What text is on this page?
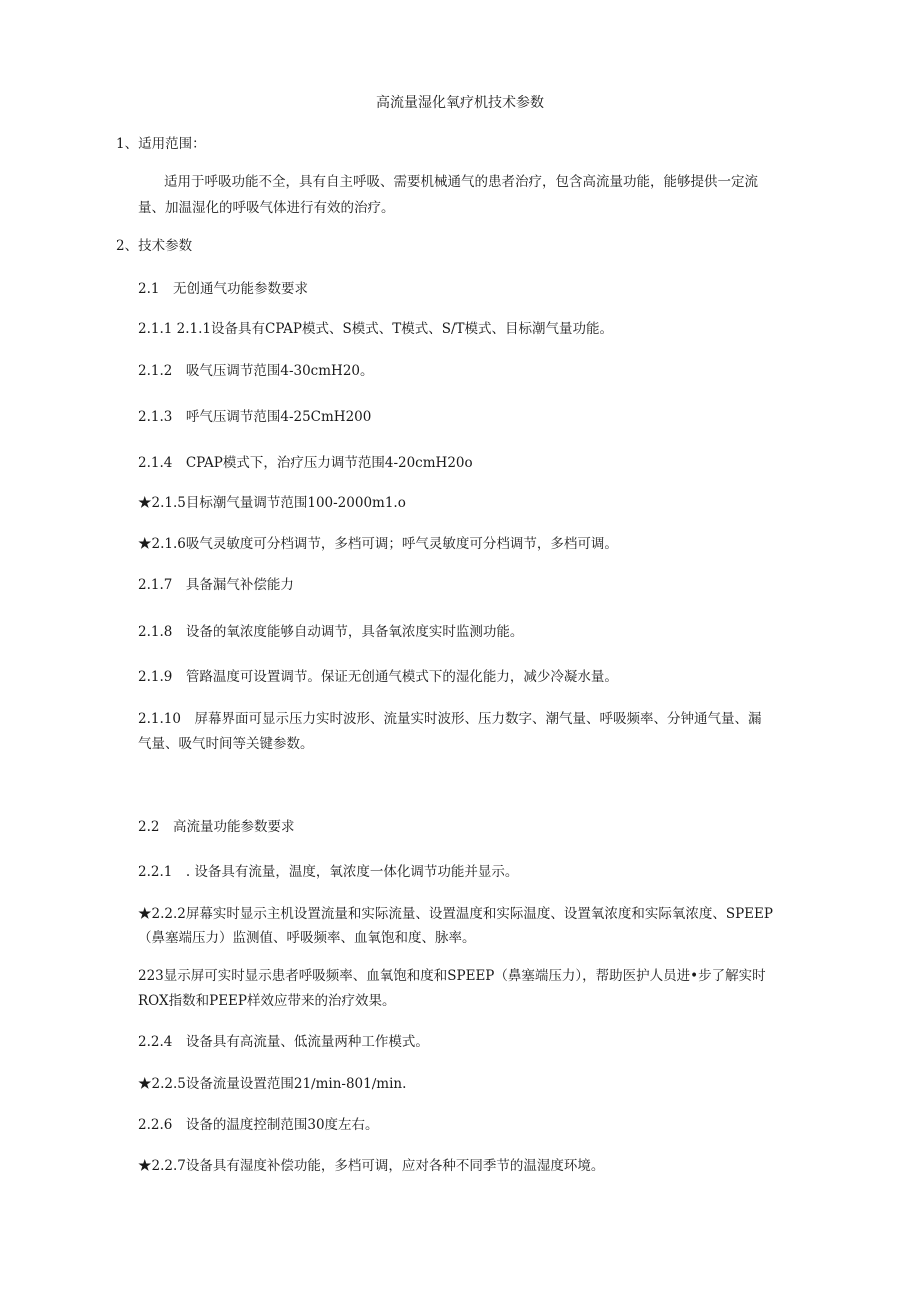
高流量湿化氧疗机技术参数
1、适用范围：
适用于呼吸功能不全，具有自主呼吸、需要机械通气的患者治疗，包含高流量功能，能够提供一定流
量、加温湿化的呼吸气体进行有效的治疗。
2、技术参数
2.1　无创通气功能参数要求
2.1.1 2.1.1设备具有CPAP模式、S模式、T模式、S/T模式、目标潮气量功能。
2.1.2　吸气压调节范围4-30cmH20。
2.1.3　呼气压调节范围4-25CmH200
2.1.4　CPAP模式下，治疗压力调节范围4-20cmH20o
★2.1.5目标潮气量调节范围100-2000m1.o
★2.1.6吸气灵敏度可分档调节，多档可调；呼气灵敏度可分档调节，多档可调。
2.1.7　具备漏气补偿能力
2.1.8　设备的氧浓度能够自动调节，具备氧浓度实时监测功能。
2.1.9　管路温度可设置调节。保证无创通气模式下的湿化能力，减少冷凝水量。
2.1.10　屏幕界面可显示压力实时波形、流量实时波形、压力数字、潮气量、呼吸频率、分钟通气量、漏
气量、吸气时间等关键参数。
2.2　高流量功能参数要求
2.2.1　. 设备具有流量，温度，氧浓度一体化调节功能并显示。
★2.2.2屏幕实时显示主机设置流量和实际流量、设置温度和实际温度、设置氧浓度和实际氧浓度、SPEEP
（鼻塞端压力）监测值、呼吸频率、血氧饱和度、脉率。
223显示屏可实时显示患者呼吸频率、血氧饱和度和SPEEP（鼻塞端压力），帮助医护人员进•步了解实时
ROX指数和PEEP样效应带来的治疗效果。
2.2.4　设备具有高流量、低流量两种工作模式。
★2.2.5设备流量设置范围21∕min-801∕min.
2.2.6　设备的温度控制范围30度左右。
★2.2.7设备具有湿度补偿功能，多档可调，应对各种不同季节的温湿度环境。
